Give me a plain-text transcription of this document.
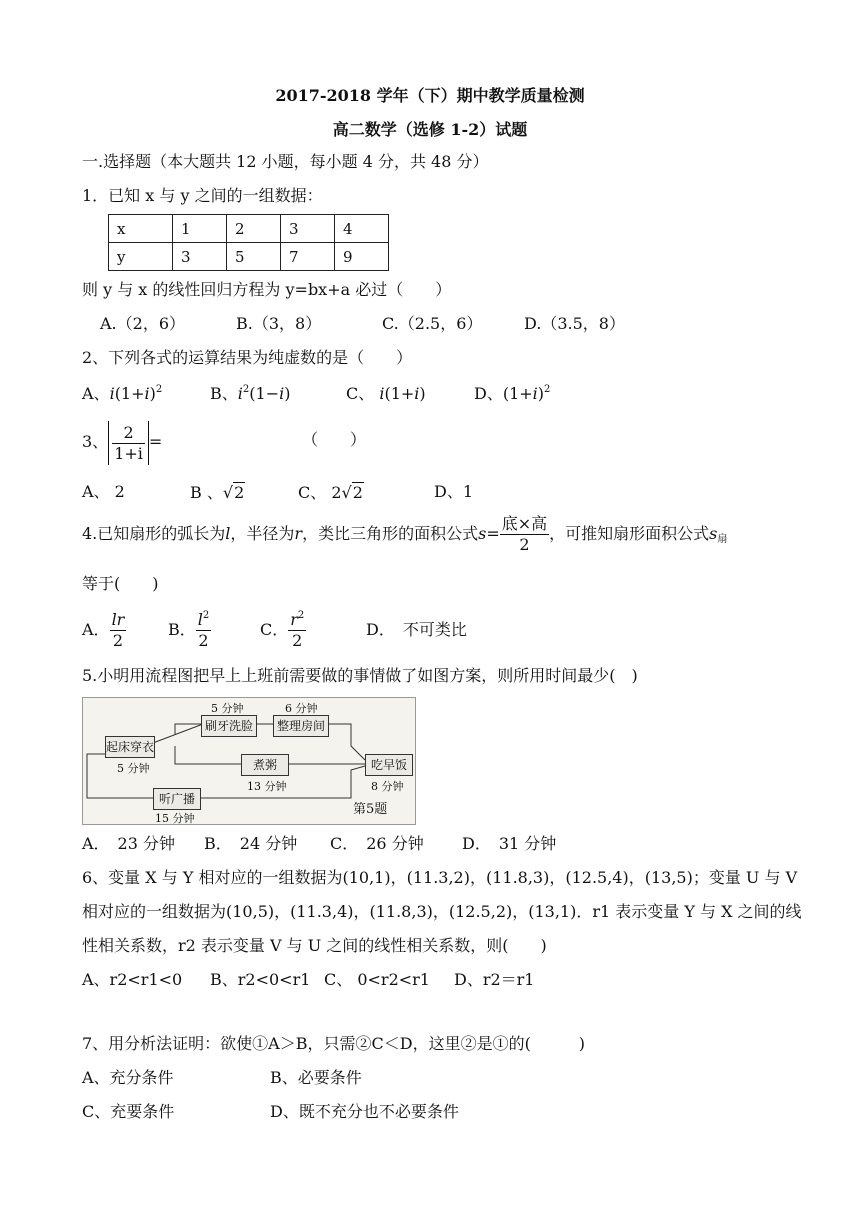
2017-2018 学年（下）期中教学质量检测
高二数学（选修 1-2）试题
一.选择题（本大题共 12 小题，每小题 4 分，共 48 分）
1．已知 x 与 y 之间的一组数据：
x	1	2	3	4
y	3	5	7	9
则 y 与 x 的线性回归方程为 y=bx+a 必过（　　）
A.（2，6）	B.（3，8）	C.（2.5，6）	D.（3.5，8）
2、下列各式的运算结果为纯虚数的是（　　）
A、$i(1+i)^2$	B、$i^2(1-i)$	C、 i(1+i)	D、$(1+i)^2$
3、 $\frac{2}{1+i}$ =	（　　）
A、 2	B 、√2	C、 2√2	D、1
4.已知扇形的弧长为l，半径为r，类比三角形的面积公式$s= \frac{\text{底×高}}{2}$ ，可推知扇形面积公式$s_扇$
等于(　　)
A． $\frac{lr}{2}$	B． $\frac{l^2}{2}$	C． $\frac{r^2}{2}$	D．　不可类比
5.小明用流程图把早上上班前需要做的事情做了如图方案，则所用时间最少(　)
起床穿衣
5 分钟
5 分钟
刷牙洗脸
6 分钟
整理房间
煮粥
13 分钟
吃早饭
8 分钟
听广播
15 分钟
第5题
A．　23 分钟 B．　24 分钟 C．　26 分钟 D．　31 分钟
6、变量 X 与 Y 相对应的一组数据为(10,1)，(11.3,2)，(11.8,3)，(12.5,4)，(13,5)；变量 U 与 V
相对应的一组数据为(10,5)，(11.3,4)，(11.8,3)，(12.5,2)，(13,1)．r1 表示变量 Y 与 X 之间的线
性相关系数，r2 表示变量 V 与 U 之间的线性相关系数，则(　　)
A、r2<r1<0 B、r2<0<r1 C、 0<r2<r1 D、r2＝r1
7、用分析法证明：欲使①A＞B，只需②C＜D，这里②是①的(　　　)
A、充分条件	B、必要条件
C、充要条件	D、既不充分也不必要条件
